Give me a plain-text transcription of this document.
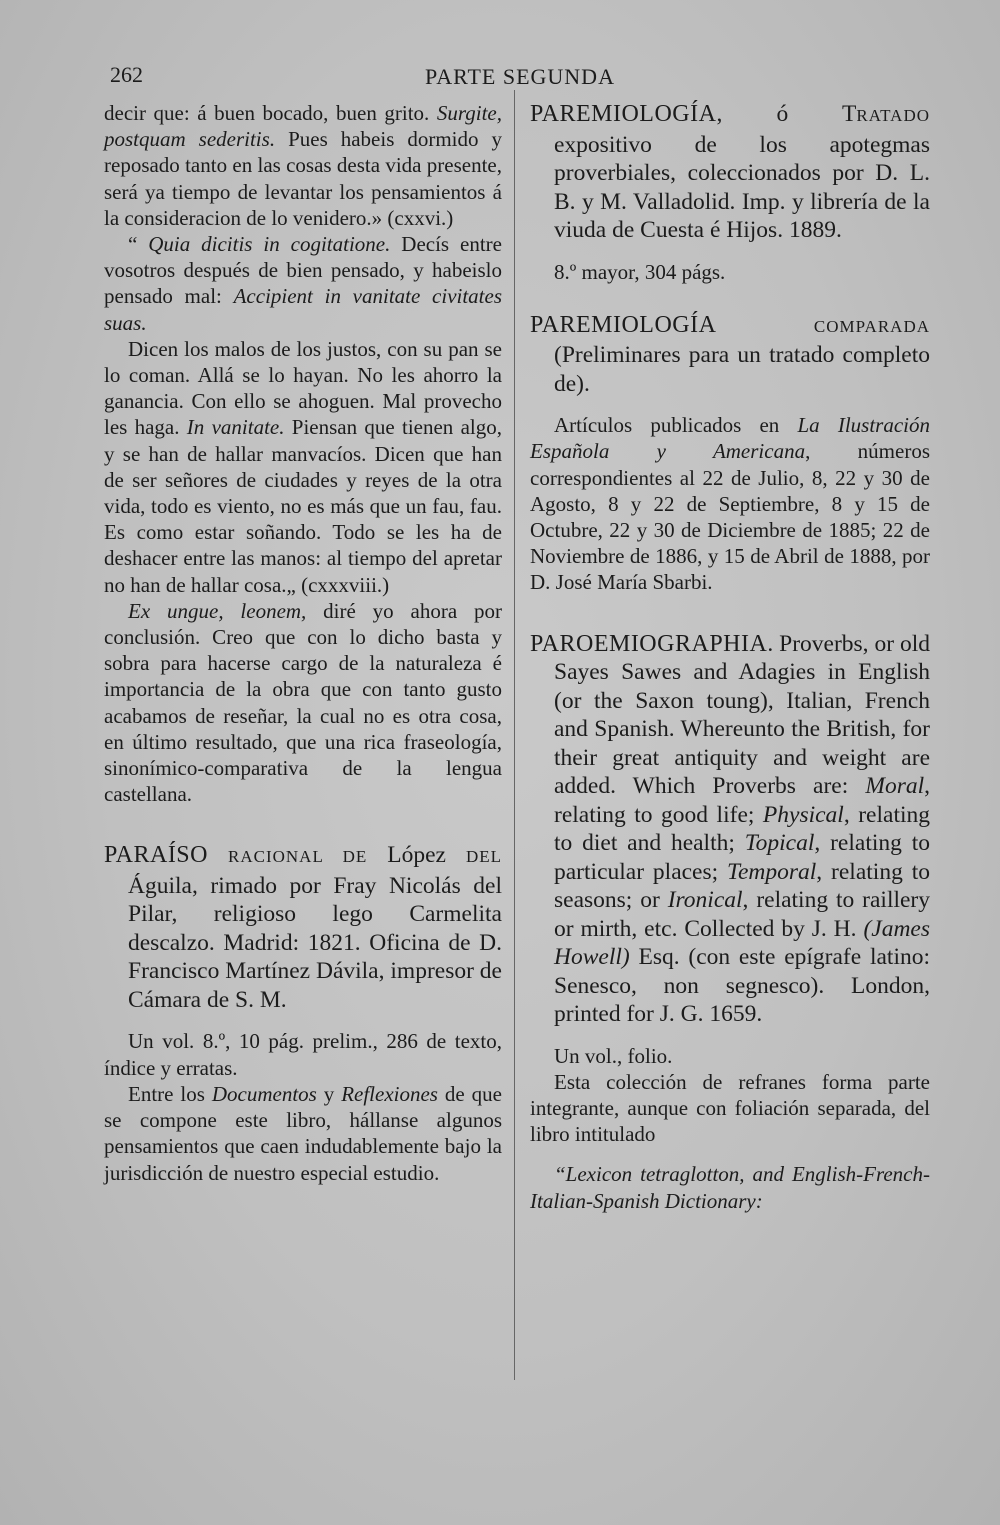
262	PARTE SEGUNDA

decir que: á buen bocado, buen grito. Surgite, postquam sederitis. Pues habeis dormido y reposado tanto en las cosas desta vida presente, será ya tiempo de levantar los pensamientos á la consideracion de lo venidero.» (cxxvi.)

“ Quia dicitis in cogitatione. Decís entre vosotros después de bien pensado, y habeislo pensado mal: Accipient in vanitate civitates suas.

Dicen los malos de los justos, con su pan se lo coman. Allá se lo hayan. No les ahorro la ganancia. Con ello se ahoguen. Mal provecho les haga. In vanitate. Piensan que tienen algo, y se han de hallar manvacíos. Dicen que han de ser señores de ciudades y reyes de la otra vida, todo es viento, no es más que un fau, fau. Es como estar soñando. Todo se les ha de deshacer entre las manos: al tiempo del apretar no han de hallar cosa.„ (cxxxviii.)

Ex ungue, leonem, diré yo ahora por conclusión. Creo que con lo dicho basta y sobra para hacerse cargo de la naturaleza é importancia de la obra que con tanto gusto acabamos de reseñar, la cual no es otra cosa, en último resultado, que una rica fraseología, sinonímico-comparativa de la lengua castellana.

PARAÍSO RACIONAL DE López DEL Águila, rimado por Fray Nicolás del Pilar, religioso lego Carmelita descalzo. Madrid: 1821. Oficina de D. Francisco Martínez Dávila, impresor de Cámara de S. M.

Un vol. 8.º, 10 pág. prelim., 286 de texto, índice y erratas.

Entre los Documentos y Reflexiones de que se compone este libro, hállanse algunos pensamientos que caen indudablemente bajo la jurisdicción de nuestro especial estudio.

PAREMIOLOGÍA, ó TRATADO expositivo de los apotegmas proverbiales, coleccionados por D. L. B. y M. Valladolid. Imp. y librería de la viuda de Cuesta é Hijos. 1889.

8.º mayor, 304 págs.

PAREMIOLOGÍA COMPARADA (Preliminares para un tratado completo de).

Artículos publicados en La Ilustración Española y Americana, números correspondientes al 22 de Julio, 8, 22 y 30 de Agosto, 8 y 22 de Septiembre, 8 y 15 de Octubre, 22 y 30 de Diciembre de 1885; 22 de Noviembre de 1886, y 15 de Abril de 1888, por D. José María Sbarbi.

PAROEMIOGRAPHIA. Proverbs, or old Sayes Sawes and Adagies in English (or the Saxon toung), Italian, French and Spanish. Whereunto the British, for their great antiquity and weight are added. Which Proverbs are: Moral, relating to good life; Physical, relating to diet and health; Topical, relating to particular places; Temporal, relating to seasons; or Ironical, relating to raillery or mirth, etc. Collected by J. H. (James Howell) Esq. (con este epígrafe latino: Senesco, non segnesco). London, printed for J. G. 1659.

Un vol., folio.

Esta colección de refranes forma parte integrante, aunque con foliación separada, del libro intitulado

“Lexicon tetraglotton, and English-French-Italian-Spanish Dictionary:
